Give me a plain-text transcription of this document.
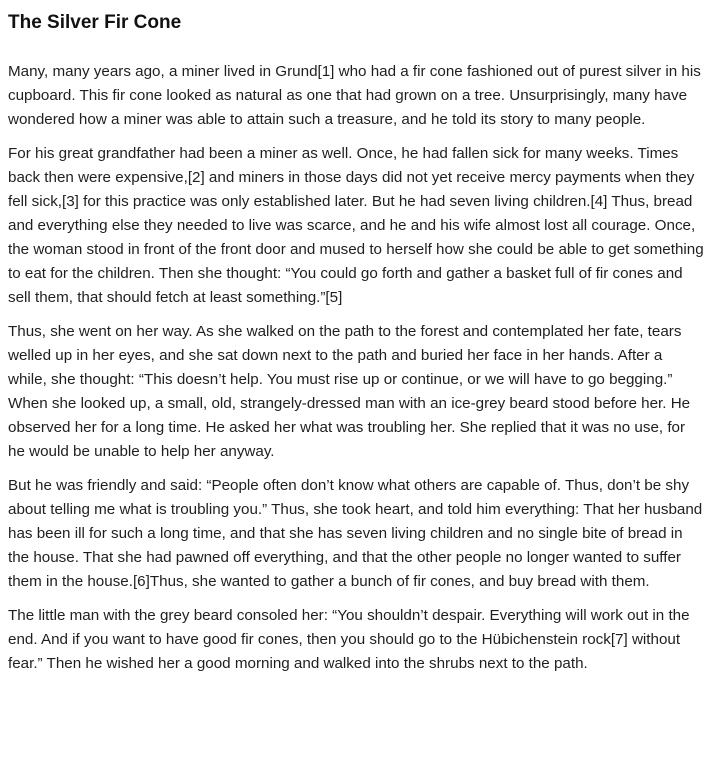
The Silver Fir Cone

Many, many years ago, a miner lived in Grund[1] who had a fir cone fashioned out of purest silver in his cupboard. This fir cone looked as natural as one that had grown on a tree. Unsurprisingly, many have wondered how a miner was able to attain such a treasure, and he told its story to many people.

For his great grandfather had been a miner as well. Once, he had fallen sick for many weeks. Times back then were expensive,[2] and miners in those days did not yet receive mercy payments when they fell sick,[3] for this practice was only established later. But he had seven living children.[4] Thus, bread and everything else they needed to live was scarce, and he and his wife almost lost all courage. Once, the woman stood in front of the front door and mused to herself how she could be able to get something to eat for the children. Then she thought: “You could go forth and gather a basket full of fir cones and sell them, that should fetch at least something.”[5]

Thus, she went on her way. As she walked on the path to the forest and contemplated her fate, tears welled up in her eyes, and she sat down next to the path and buried her face in her hands. After a while, she thought: “This doesn’t help. You must rise up or continue, or we will have to go begging.” When she looked up, a small, old, strangely-dressed man with an ice-grey beard stood before her. He observed her for a long time. He asked her what was troubling her. She replied that it was no use, for he would be unable to help her anyway.

But he was friendly and said: “People often don’t know what others are capable of. Thus, don’t be shy about telling me what is troubling you.” Thus, she took heart, and told him everything: That her husband has been ill for such a long time, and that she has seven living children and no single bite of bread in the house. That she had pawned off everything, and that the other people no longer wanted to suffer them in the house.[6]Thus, she wanted to gather a bunch of fir cones, and buy bread with them.

The little man with the grey beard consoled her: “You shouldn’t despair. Everything will work out in the end. And if you want to have good fir cones, then you should go to the Hübichenstein rock[7] without fear.” Then he wished her a good morning and walked into the shrubs next to the path.
